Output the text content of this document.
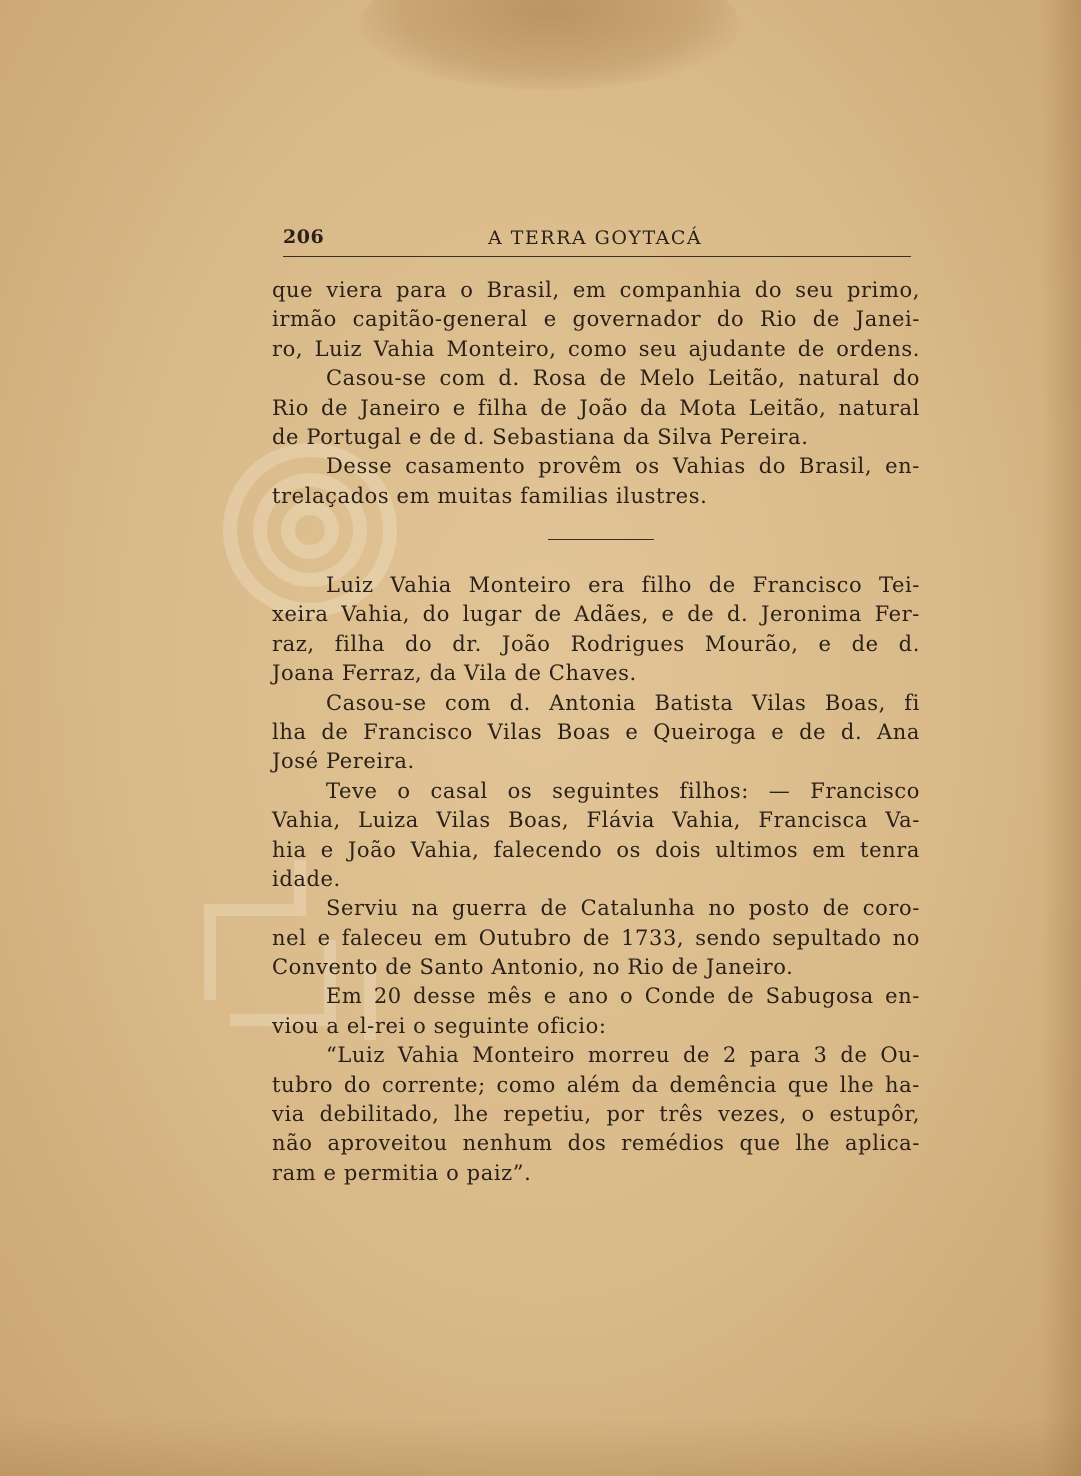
206	A TERRA GOYTACÁ
que viera para o Brasil, em companhia do seu primo,
irmão capitão-general e governador do Rio de Janei-
ro, Luiz Vahia Monteiro, como seu ajudante de ordens.
Casou-se com d. Rosa de Melo Leitão, natural do
Rio de Janeiro e filha de João da Mota Leitão, natural
de Portugal e de d. Sebastiana da Silva Pereira.
Desse casamento provêm os Vahias do Brasil, en-
trelaçados em muitas familias ilustres.
Luiz Vahia Monteiro era filho de Francisco Tei-
xeira Vahia, do lugar de Adães, e de d. Jeronima Fer-
raz, filha do dr. João Rodrigues Mourão, e de d.
Joana Ferraz, da Vila de Chaves.
Casou-se com d. Antonia Batista Vilas Boas, fi
lha de Francisco Vilas Boas e Queiroga e de d. Ana
José Pereira.
Teve o casal os seguintes filhos: — Francisco
Vahia, Luiza Vilas Boas, Flávia Vahia, Francisca Va-
hia e João Vahia, falecendo os dois ultimos em tenra
idade.
Serviu na guerra de Catalunha no posto de coro-
nel e faleceu em Outubro de 1733, sendo sepultado no
Convento de Santo Antonio, no Rio de Janeiro.
Em 20 desse mês e ano o Conde de Sabugosa en-
viou a el-rei o seguinte oficio:
“Luiz Vahia Monteiro morreu de 2 para 3 de Ou-
tubro do corrente; como além da demência que lhe ha-
via debilitado, lhe repetiu, por três vezes, o estupôr,
não aproveitou nenhum dos remédios que lhe aplica-
ram e permitia o paiz”.
